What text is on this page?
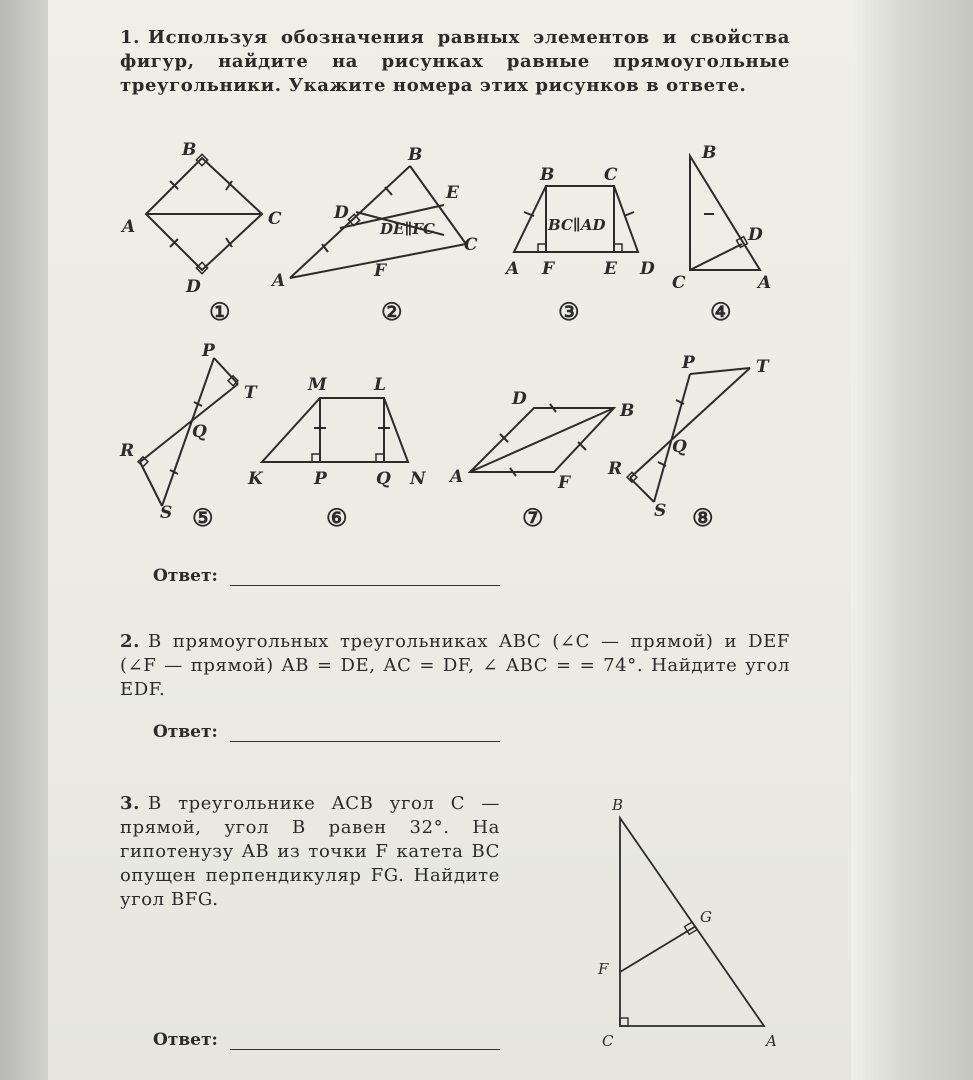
1. Используя обозначения равных элементов и свойства фигур, найдите на рисунках равные прямоугольные треугольники. Укажите номера этих рисунков в ответе.

B
A	C
D
①
B
D
E
C
A	F
DE∥FC
②
B	C
A F	E D
BC∥AD
③
B
D
C	A
④
P
T
Q
R
S ⑤
M	L
K	P	Q N
⑥
D
B
A	F
⑦
P	T
Q
R
S ⑧
B
G
F
C	A
Ответ:

2. В прямоугольных треугольниках ABC (∠C — прямой) и DEF (∠F — прямой) AB = DE, AC = DF, ∠ ABC = = 74°. Найдите угол EDF.

Ответ:

3. В треугольнике ACB угол C — прямой, угол B равен 32°. На гипотенузу AB из точки F катета BC опущен перпендикуляр FG. Найдите угол BFG.

Ответ:
